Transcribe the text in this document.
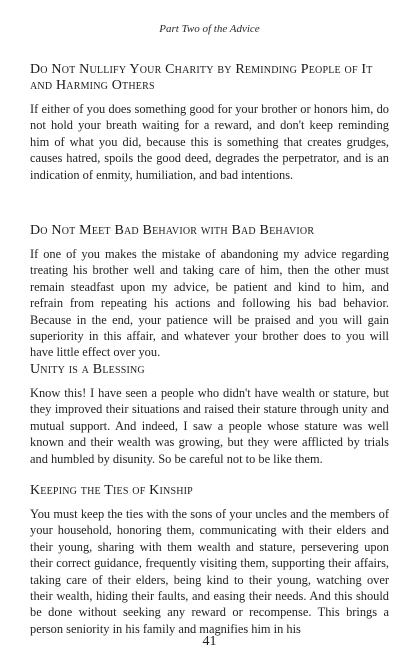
Part Two of the Advice
Do Not Nullify Your Charity by Reminding People of It and Harming Others

If either of you does something good for your brother or honors him, do not hold your breath waiting for a reward, and don't keep reminding him of what you did, because this is something that creates grudges, causes hatred, spoils the good deed, degrades the perpetrator, and is an indication of enmity, humiliation, and bad intentions.

Do Not Meet Bad Behavior with Bad Behavior

If one of you makes the mistake of abandoning my advice regarding treating his brother well and taking care of him, then the other must remain steadfast upon my advice, be patient and kind to him, and refrain from repeating his actions and following his bad behavior. Because in the end, your patience will be praised and you will gain superiority in this affair, and whatever your brother does to you will have little effect over you.

Unity is a Blessing

Know this! I have seen a people who didn't have wealth or stature, but they improved their situations and raised their stature through unity and mutual support. And indeed, I saw a people whose stature was well known and their wealth was growing, but they were afflicted by trials and humbled by disunity. So be careful not to be like them.

Keeping the Ties of Kinship

You must keep the ties with the sons of your uncles and the members of your household, honoring them, communicating with their elders and their young, sharing with them wealth and stature, persevering upon their correct guidance, frequently visiting them, supporting their affairs, taking care of their elders, being kind to their young, watching over their wealth, hiding their faults, and easing their needs. And this should be done without seeking any reward or recompense. This brings a person seniority in his family and magnifies him in his

41
